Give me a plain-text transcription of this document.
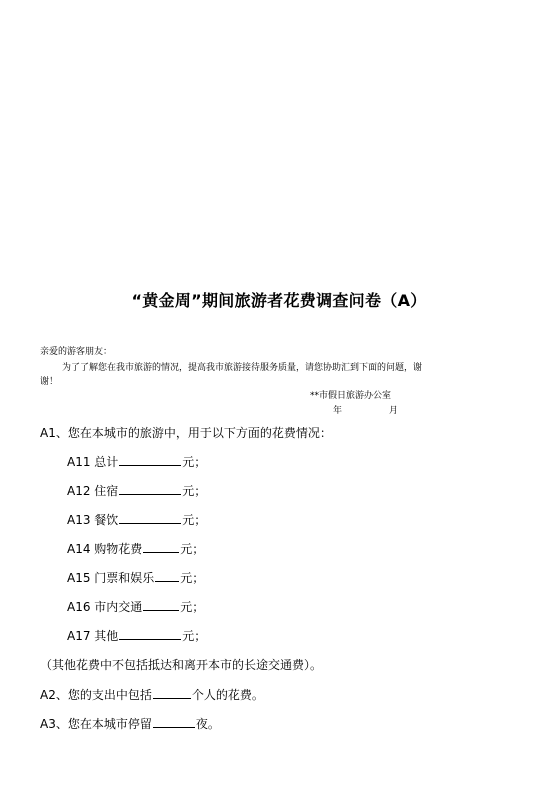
“黄金周”期间旅游者花费调查问卷（A）
亲爱的游客朋友：
为了了解您在我市旅游的情况，提高我市旅游接待服务质量，请您协助汇到下面的问题，谢
谢！
**市假日旅游办公室
年	月
A1、您在本城市的旅游中，用于以下方面的花费情况：
A11 总计	元；
A12 住宿	元；
A13 餐饮	元；
A14 购物花费	元；
A15 门票和娱乐 元；
A16 市内交通	元；
A17 其他	元；
（其他花费中不包括抵达和离开本市的长途交通费）。
A2、您的支出中包括	个人的花费。
A3、您在本城市停留	夜。
